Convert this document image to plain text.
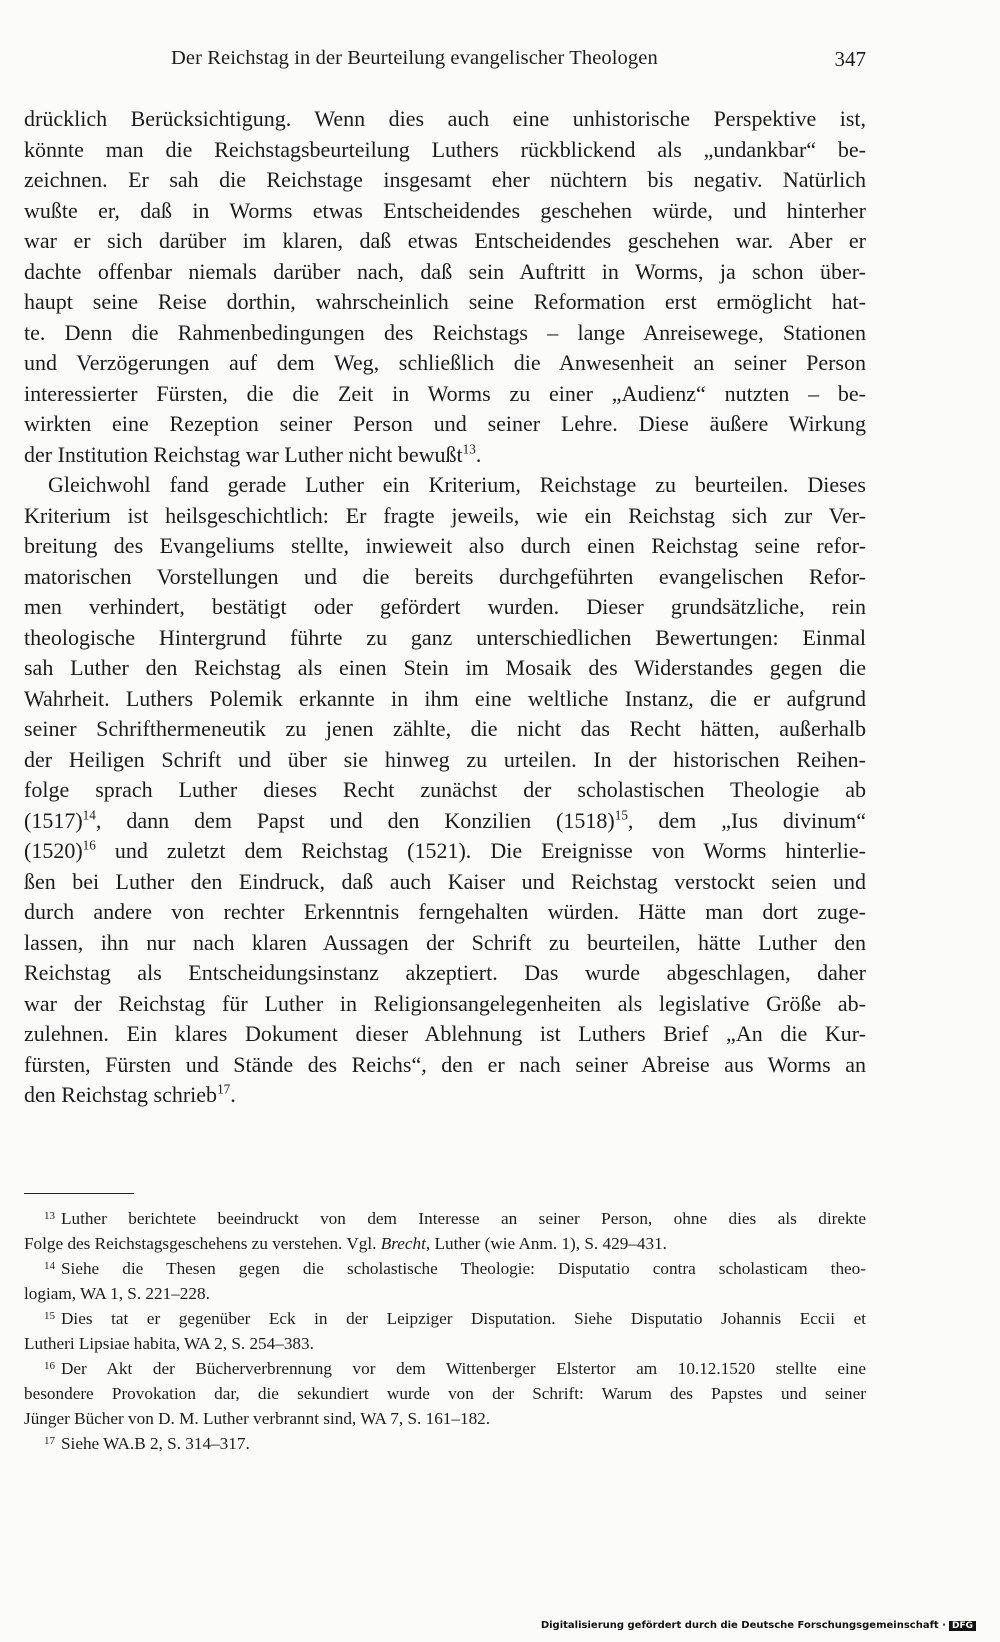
Der Reichstag in der Beurteilung evangelischer Theologen	347
drücklich Berücksichtigung. Wenn dies auch eine unhistorische Perspektive ist,
könnte man die Reichstagsbeurteilung Luthers rückblickend als „undankbar“ be-
zeichnen. Er sah die Reichstage insgesamt eher nüchtern bis negativ. Natürlich
wußte er, daß in Worms etwas Entscheidendes geschehen würde, und hinterher
war er sich darüber im klaren, daß etwas Entscheidendes geschehen war. Aber er
dachte offenbar niemals darüber nach, daß sein Auftritt in Worms, ja schon über-
haupt seine Reise dorthin, wahrscheinlich seine Reformation erst ermöglicht hat-
te. Denn die Rahmenbedingungen des Reichstags – lange Anreisewege, Stationen
und Verzögerungen auf dem Weg, schließlich die Anwesenheit an seiner Person
interessierter Fürsten, die die Zeit in Worms zu einer „Audienz“ nutzten – be-
wirkten eine Rezeption seiner Person und seiner Lehre. Diese äußere Wirkung
der Institution Reichstag war Luther nicht bewußt$^{13}$.
Gleichwohl fand gerade Luther ein Kriterium, Reichstage zu beurteilen. Dieses
Kriterium ist heilsgeschichtlich: Er fragte jeweils, wie ein Reichstag sich zur Ver-
breitung des Evangeliums stellte, inwieweit also durch einen Reichstag seine refor-
matorischen Vorstellungen und die bereits durchgeführten evangelischen Refor-
men verhindert, bestätigt oder gefördert wurden. Dieser grundsätzliche, rein
theologische Hintergrund führte zu ganz unterschiedlichen Bewertungen: Einmal
sah Luther den Reichstag als einen Stein im Mosaik des Widerstandes gegen die
Wahrheit. Luthers Polemik erkannte in ihm eine weltliche Instanz, die er aufgrund
seiner Schrifthermeneutik zu jenen zählte, die nicht das Recht hätten, außerhalb
der Heiligen Schrift und über sie hinweg zu urteilen. In der historischen Reihen-
folge sprach Luther dieses Recht zunächst der scholastischen Theologie ab
$(1517)^{14}$, dann dem Papst und den Konzilien $(1518)^{15}$, dem „Ius divinum“
$(1520)^{16}$ und zuletzt dem Reichstag (1521). Die Ereignisse von Worms hinterlie-
ßen bei Luther den Eindruck, daß auch Kaiser und Reichstag verstockt seien und
durch andere von rechter Erkenntnis ferngehalten würden. Hätte man dort zuge-
lassen, ihn nur nach klaren Aussagen der Schrift zu beurteilen, hätte Luther den
Reichstag als Entscheidungsinstanz akzeptiert. Das wurde abgeschlagen, daher
war der Reichstag für Luther in Religionsangelegenheiten als legislative Größe ab-
zulehnen. Ein klares Dokument dieser Ablehnung ist Luthers Brief „An die Kur-
fürsten, Fürsten und Stände des Reichs“, den er nach seiner Abreise aus Worms an
den Reichstag schrieb$^{17}$.
$^{13}$ Luther berichtete beeindruckt von dem Interesse an seiner Person, ohne dies als direkte
Folge des Reichstagsgeschehens zu verstehen. Vgl. Brecht, Luther (wie Anm. 1), S. 429–431.
$^{14}$ Siehe die Thesen gegen die scholastische Theologie: Disputatio contra scholasticam theo-
logiam, WA 1, S. 221–228.
$^{15}$ Dies tat er gegenüber Eck in der Leipziger Disputation. Siehe Disputatio Johannis Eccii et
Lutheri Lipsiae habita, WA 2, S. 254–383.
$^{16}$ Der Akt der Bücherverbrennung vor dem Wittenberger Elstertor am 10.12.1520 stellte eine
besondere Provokation dar, die sekundiert wurde von der Schrift: Warum des Papstes und seiner
Jünger Bücher von D. M. Luther verbrannt sind, WA 7, S. 161–182.
$^{17}$ Siehe WA.B 2, S. 314–317.
Digitalisierung gefördert durch die Deutsche Forschungsgemeinschaft · DFG
